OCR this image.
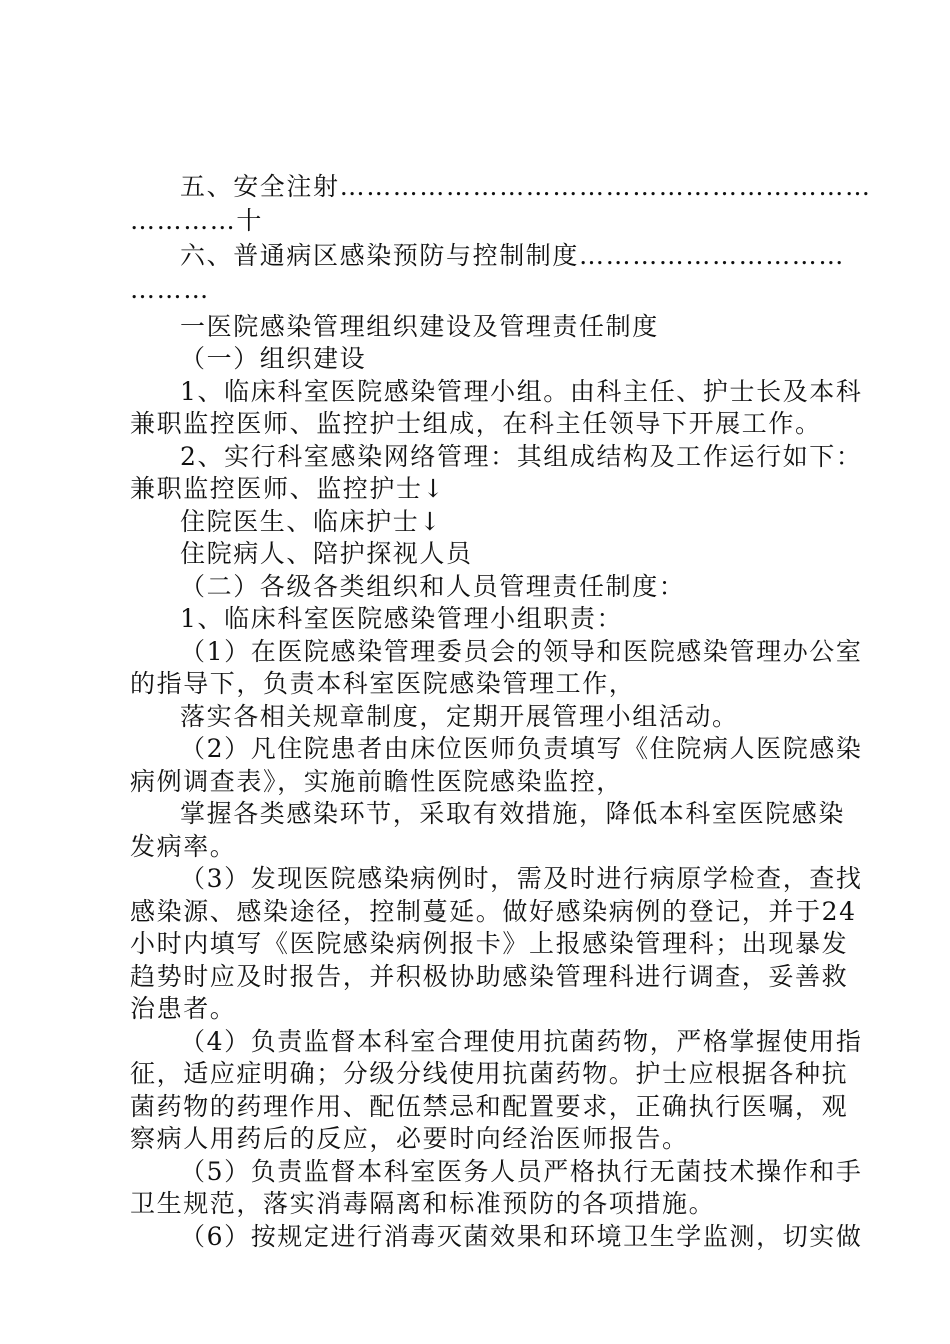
五、安全注射……………………………………………………
…………十
六、普通病区感染预防与控制制度…………………………
………
一医院感染管理组织建设及管理责任制度
（一）组织建设
1、临床科室医院感染管理小组。由科主任、护士长及本科
兼职监控医师、监控护士组成，在科主任领导下开展工作。
2、实行科室感染网络管理：其组成结构及工作运行如下：
兼职监控医师、监控护士↓
住院医生、临床护士↓
住院病人、陪护探视人员
（二）各级各类组织和人员管理责任制度：
1、临床科室医院感染管理小组职责：
（1）在医院感染管理委员会的领导和医院感染管理办公室
的指导下，负责本科室医院感染管理工作，
落实各相关规章制度，定期开展管理小组活动。
（2）凡住院患者由床位医师负责填写《住院病人医院感染
病例调查表》，实施前瞻性医院感染监控，
掌握各类感染环节，采取有效措施，降低本科室医院感染
发病率。
（3）发现医院感染病例时，需及时进行病原学检查，查找
感染源、感染途径，控制蔓延。做好感染病例的登记，并于24
小时内填写《医院感染病例报卡》上报感染管理科；出现暴发
趋势时应及时报告，并积极协助感染管理科进行调查，妥善救
治患者。
（4）负责监督本科室合理使用抗菌药物，严格掌握使用指
征，适应症明确；分级分线使用抗菌药物。护士应根据各种抗
菌药物的药理作用、配伍禁忌和配置要求，正确执行医嘱，观
察病人用药后的反应，必要时向经治医师报告。
（5）负责监督本科室医务人员严格执行无菌技术操作和手
卫生规范，落实消毒隔离和标准预防的各项措施。
（6）按规定进行消毒灭菌效果和环境卫生学监测，切实做
